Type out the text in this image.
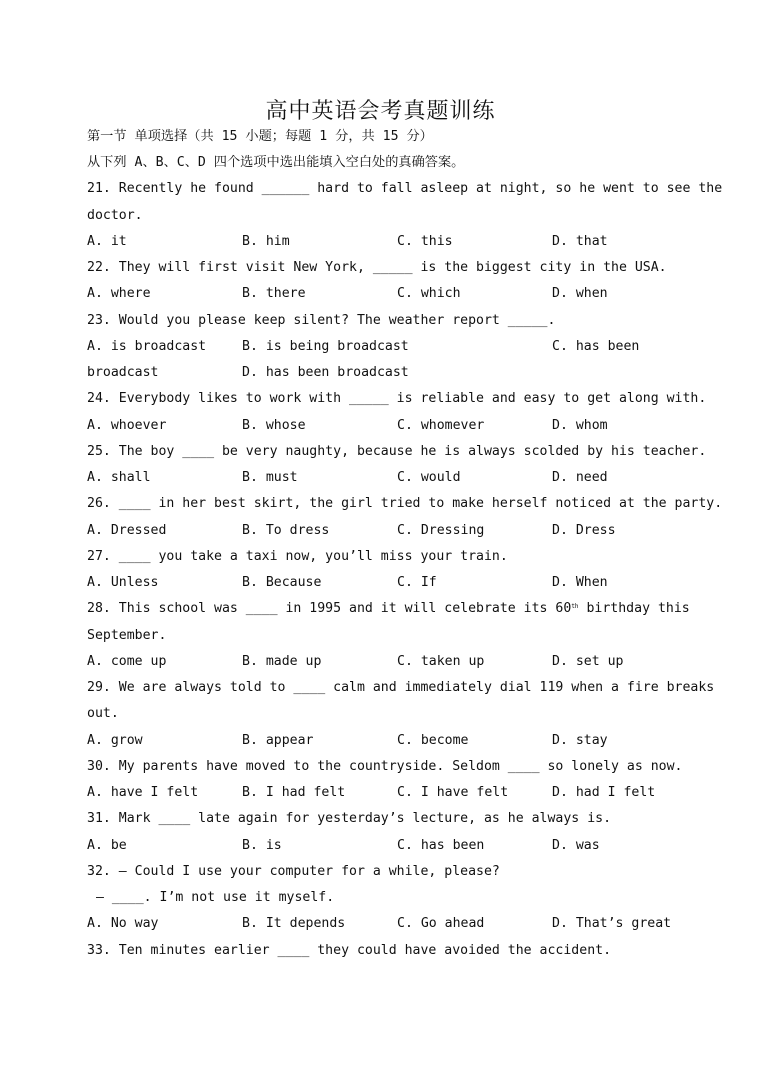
高中英语会考真题训练
第一节 单项选择（共 15 小题；每题 1 分，共 15 分）
从下列 A、B、C、D 四个选项中选出能填入空白处的真确答案。
21. Recently he found ______ hard to fall asleep at night, so he went to see the
doctor.
A. it	B. him	C. this	D. that
22. They will first visit New York, _____ is the biggest city in the USA.
A. where	B. there	C. which	D. when
23. Would you please keep silent? The weather report _____.
A. is broadcast	B. is being broadcast	C. has been
broadcast	D. has been broadcast
24. Everybody likes to work with _____ is reliable and easy to get along with.
A. whoever	B. whose	C. whomever	D. whom
25. The boy ____ be very naughty, because he is always scolded by his teacher.
A. shall	B. must	C. would	D. need
26. ____ in her best skirt, the girl tried to make herself noticed at the party.
A. Dressed	B. To dress	C. Dressing	D. Dress
27. ____ you take a taxi now, you’ll miss your train.
A. Unless	B. Because	C. If	D. When
28. This school was ____ in 1995 and it will celebrate its 60th birthday this
September.
A. come up	B. made up	C. taken up	D. set up
29. We are always told to ____ calm and immediately dial 119 when a fire breaks
out.
A. grow	B. appear	C. become	D. stay
30. My parents have moved to the countryside. Seldom ____ so lonely as now.
A. have I felt	B. I had felt	C. I have felt	D. had I felt
31. Mark ____ late again for yesterday’s lecture, as he always is.
A. be	B. is	C. has been	D. was
32. — Could I use your computer for a while, please?
— ____. I’m not use it myself.
A. No way	B. It depends	C. Go ahead	D. That’s great
33. Ten minutes earlier ____ they could have avoided the accident.
